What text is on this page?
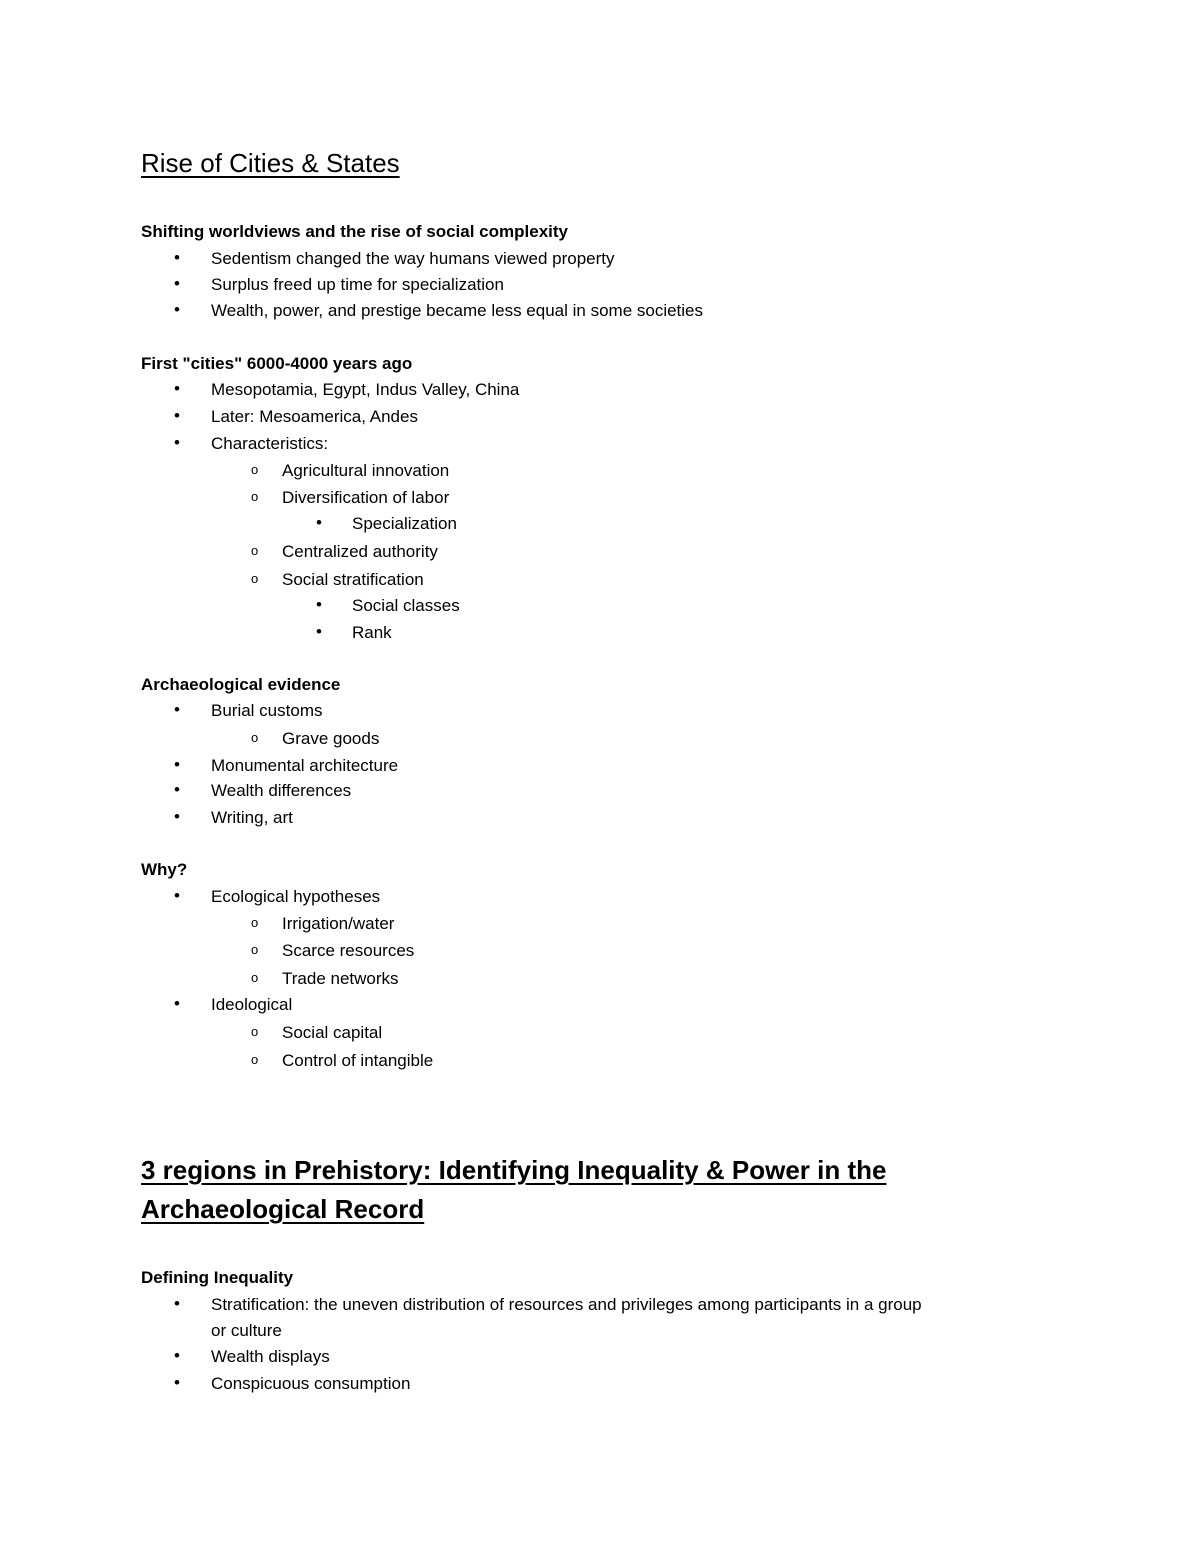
Rise of Cities & States
Shifting worldviews and the rise of social complexity
• Sedentism changed the way humans viewed property
• Surplus freed up time for specialization
• Wealth, power, and prestige became less equal in some societies
First "cities" 6000-4000 years ago
• Mesopotamia, Egypt, Indus Valley, China
• Later: Mesoamerica, Andes
• Characteristics:
o Agricultural innovation
o Diversification of labor
• Specialization
o Centralized authority
o Social stratification
• Social classes
• Rank
Archaeological evidence
• Burial customs
o Grave goods
• Monumental architecture
• Wealth differences
• Writing, art
Why?
• Ecological hypotheses
o Irrigation/water
o Scarce resources
o Trade networks
• Ideological
o Social capital
o Control of intangible
3 regions in Prehistory: Identifying Inequality & Power in the
Archaeological Record
Defining Inequality
• Stratification: the uneven distribution of resources and privileges among participants in a group
or culture
• Wealth displays
• Conspicuous consumption
